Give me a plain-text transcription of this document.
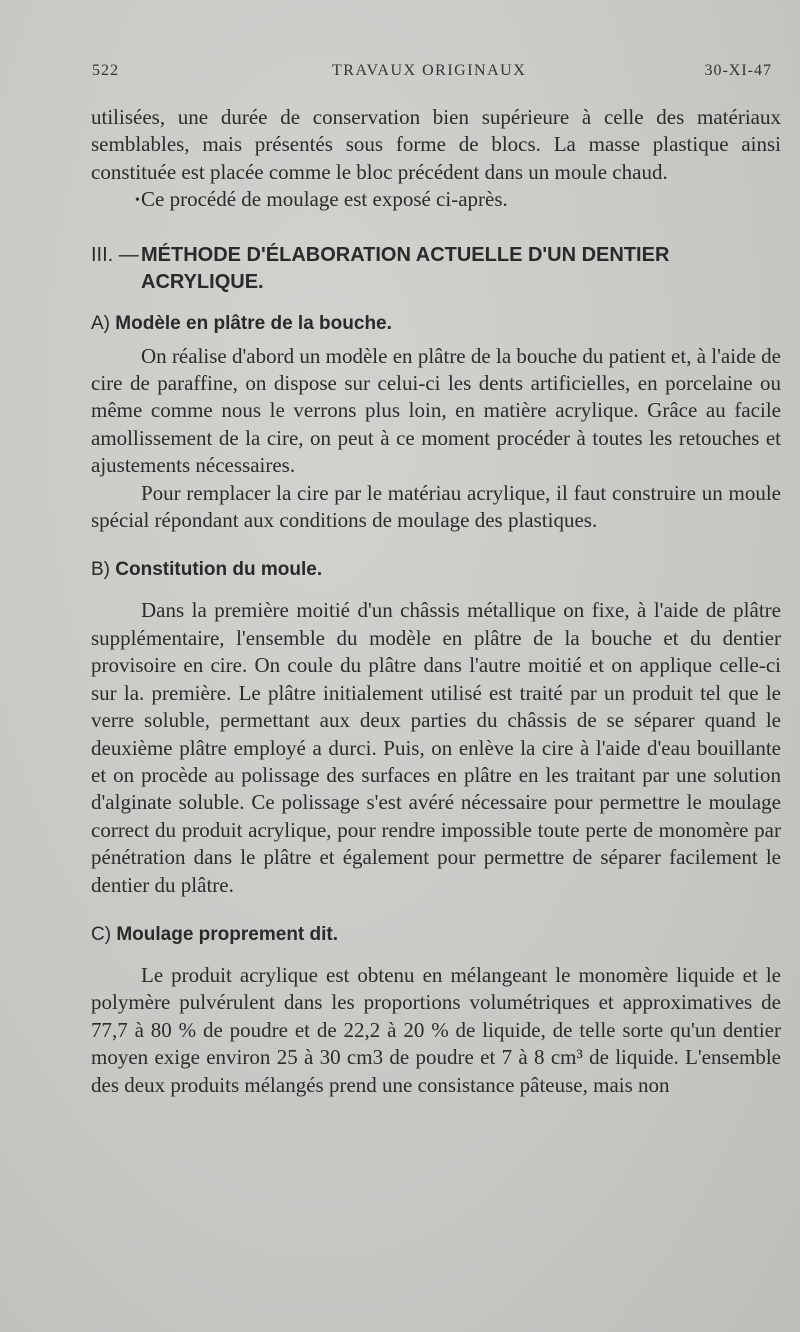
522	TRAVAUX ORIGINAUX	30-XI-47

utilisées, une durée de conservation bien supérieure à celle des matériaux semblables, mais présentés sous forme de blocs. La masse plastique ainsi constituée est placée comme le bloc précédent dans un moule chaud.

• Ce procédé de moulage est exposé ci-après.

III. — MÉTHODE D'ÉLABORATION ACTUELLE D'UN DENTIER
ACRYLIQUE.
A) Modèle en plâtre de la bouche.

On réalise d'abord un modèle en plâtre de la bouche du patient et, à l'aide de cire de paraffine, on dispose sur celui-ci les dents artificielles, en porcelaine ou même comme nous le verrons plus loin, en matière acrylique. Grâce au facile amollissement de la cire, on peut à ce moment procéder à toutes les retouches et ajustements nécessaires.

Pour remplacer la cire par le matériau acrylique, il faut construire un moule spécial répondant aux conditions de moulage des plastiques.

B) Constitution du moule.

Dans la première moitié d'un châssis métallique on fixe, à l'aide de plâtre supplémentaire, l'ensemble du modèle en plâtre de la bouche et du dentier provisoire en cire. On coule du plâtre dans l'autre moitié et on applique celle-ci sur la. première. Le plâtre initialement utilisé est traité par un produit tel que le verre soluble, permettant aux deux parties du châssis de se séparer quand le deuxième plâtre employé a durci. Puis, on enlève la cire à l'aide d'eau bouillante et on procède au polissage des surfaces en plâtre en les traitant par une solution d'alginate soluble. Ce polissage s'est avéré nécessaire pour permettre le moulage correct du produit acrylique, pour rendre impossible toute perte de monomère par pénétration dans le plâtre et également pour permettre de séparer facilement le dentier du plâtre.

C) Moulage proprement dit.

Le produit acrylique est obtenu en mélangeant le monomère liquide et le polymère pulvérulent dans les proportions volumétriques et approximatives de 77,7 à 80 % de poudre et de 22,2 à 20 % de liquide, de telle sorte qu'un dentier moyen exige environ 25 à 30 cm3 de poudre et 7 à 8 cm³ de liquide. L'ensemble des deux produits mélangés prend une consistance pâteuse, mais non
